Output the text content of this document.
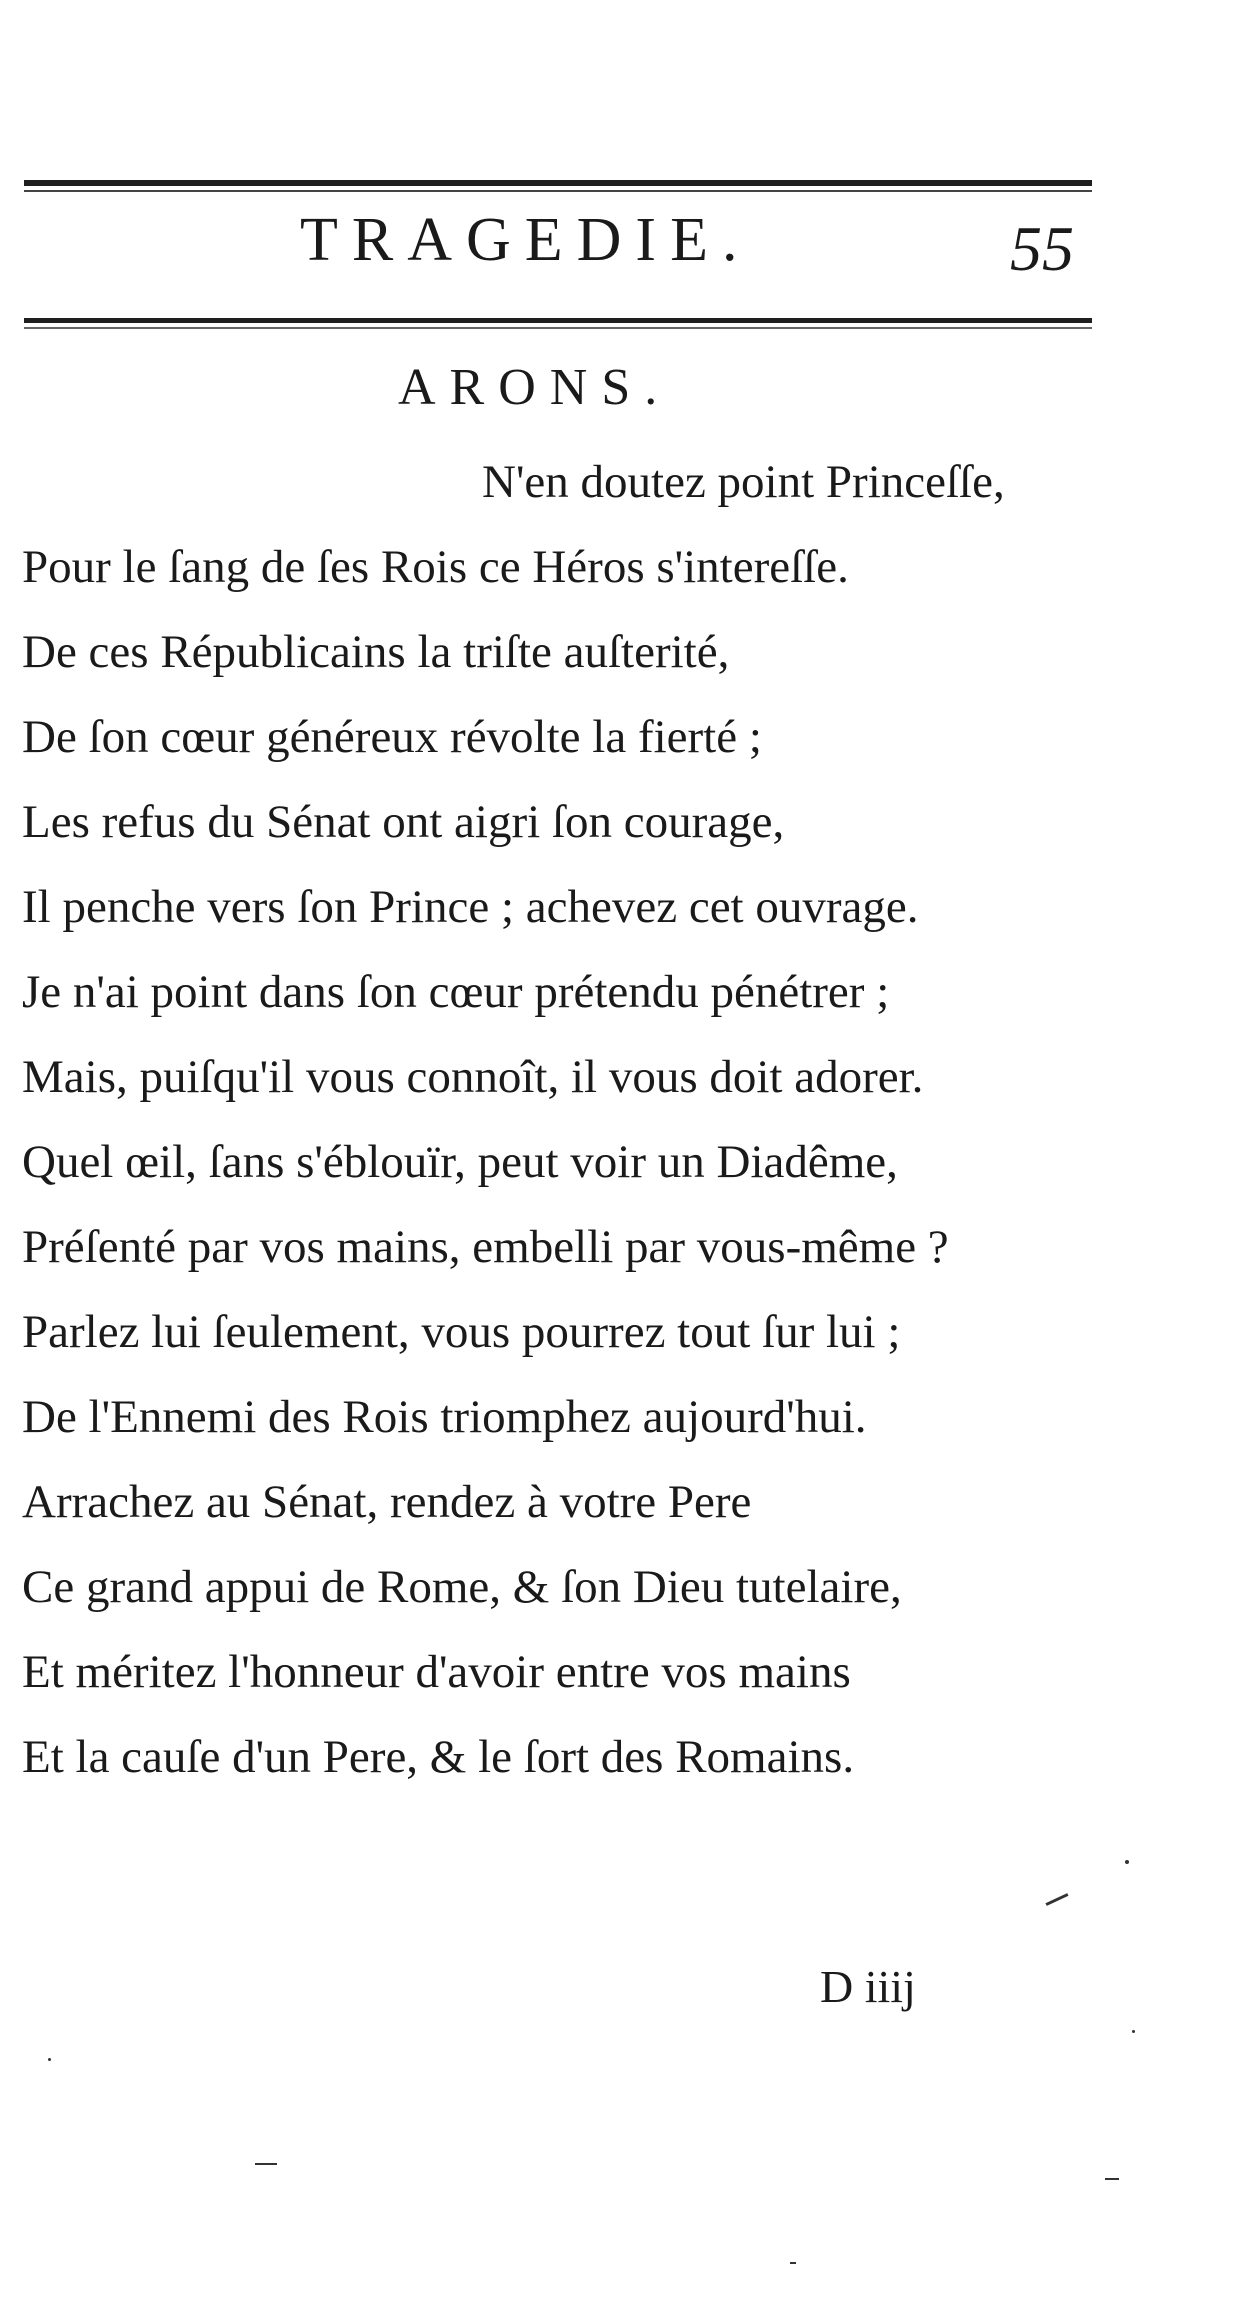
TRAGEDIE.	55
ARONS.
N'en doutez point Princeſſe,
Pour le ſang de ſes Rois ce Héros s'intereſſe.
De ces Républicains la triſte auſterité,
De ſon cœur généreux révolte la fierté ;
Les refus du Sénat ont aigri ſon courage,
Il penche vers ſon Prince ; achevez cet ouvrage.
Je n'ai point dans ſon cœur prétendu pénétrer ;
Mais, puiſqu'il vous connoît, il vous doit adorer.
Quel œil, ſans s'éblouïr, peut voir un Diadême,
Préſenté par vos mains, embelli par vous-même ?
Parlez lui ſeulement, vous pourrez tout ſur lui ;
De l'Ennemi des Rois triomphez aujourd'hui.
Arrachez au Sénat, rendez à votre Pere
Ce grand appui de Rome, & ſon Dieu tutelaire,
Et méritez l'honneur d'avoir entre vos mains
Et la cauſe d'un Pere, & le ſort des Romains.
D iiij
